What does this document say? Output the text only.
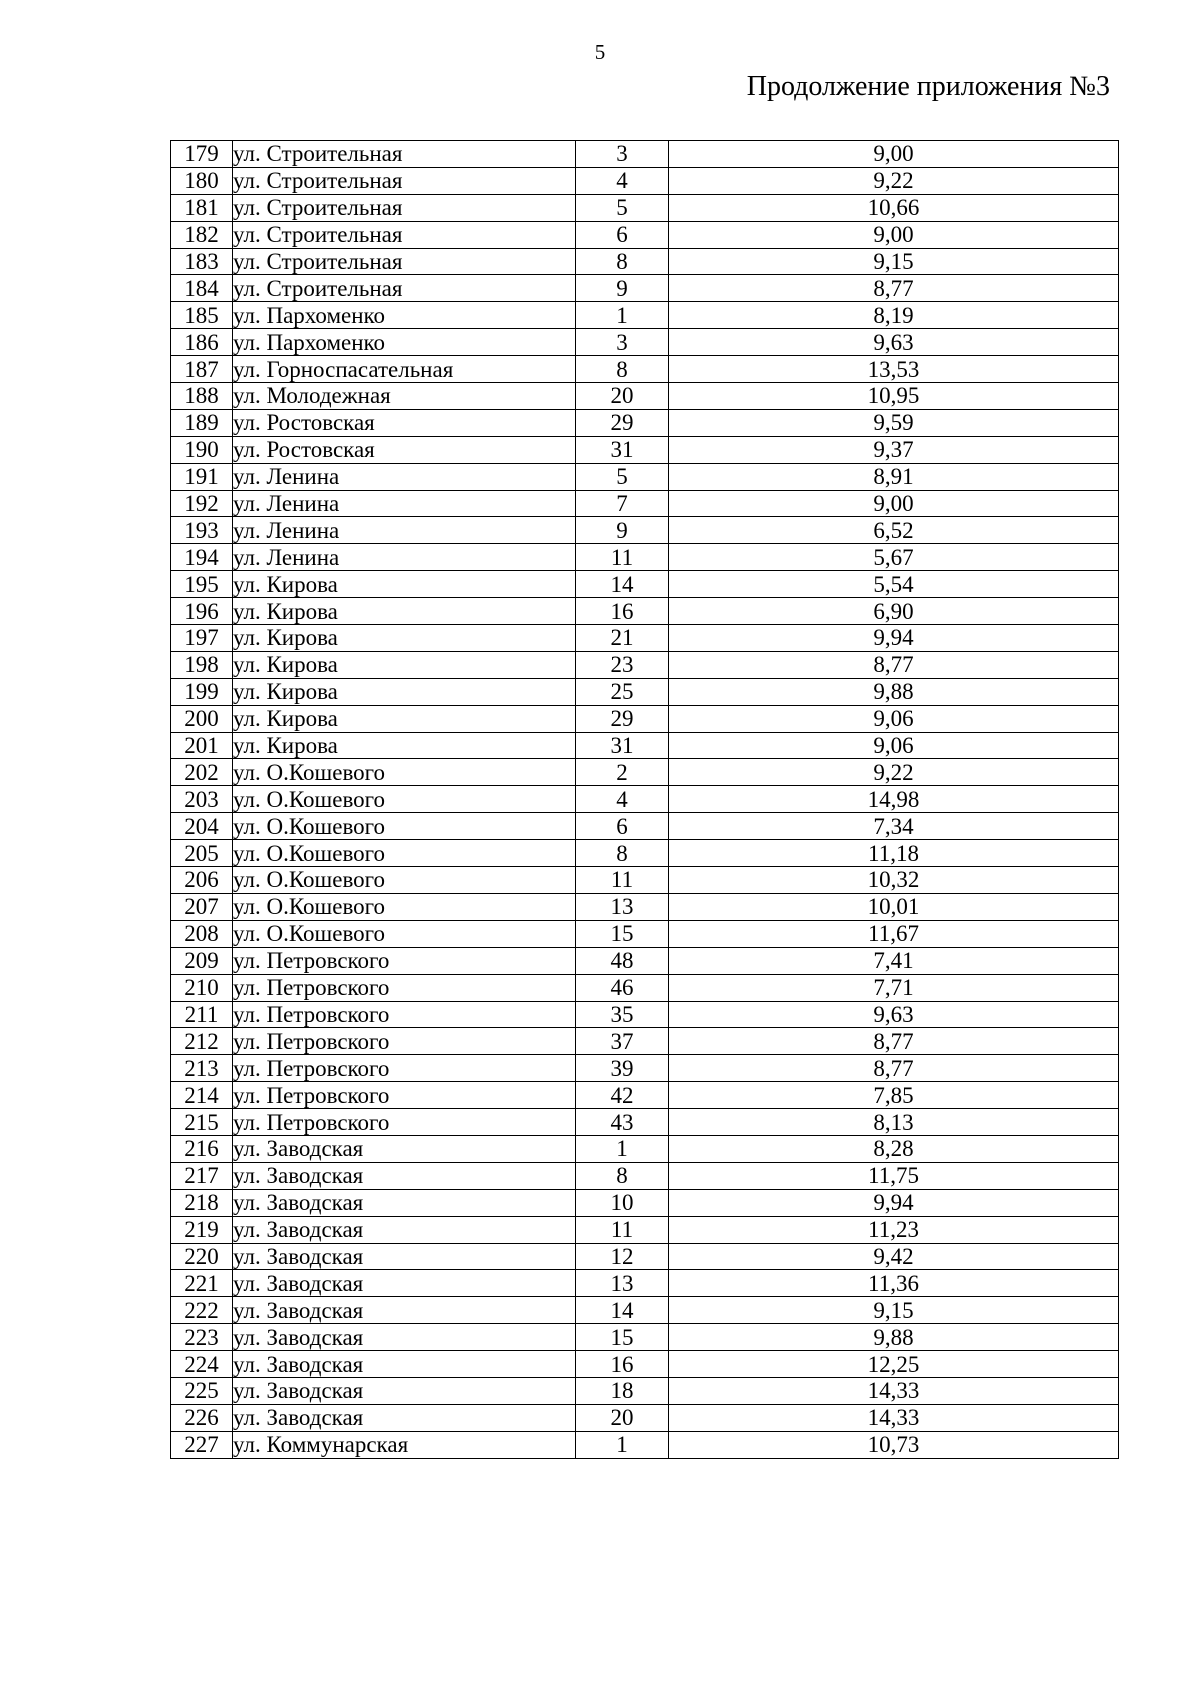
5
Продолжение приложения №3
179	ул. Строительная	3	9,00
180	ул. Строительная	4	9,22
181	ул. Строительная	5	10,66
182	ул. Строительная	6	9,00
183	ул. Строительная	8	9,15
184	ул. Строительная	9	8,77
185	ул. Пархоменко	1	8,19
186	ул. Пархоменко	3	9,63
187	ул. Горноспасательная	8	13,53
188	ул. Молодежная	20	10,95
189	ул. Ростовская	29	9,59
190	ул. Ростовская	31	9,37
191	ул. Ленина	5	8,91
192	ул. Ленина	7	9,00
193	ул. Ленина	9	6,52
194	ул. Ленина	11	5,67
195	ул. Кирова	14	5,54
196	ул. Кирова	16	6,90
197	ул. Кирова	21	9,94
198	ул. Кирова	23	8,77
199	ул. Кирова	25	9,88
200	ул. Кирова	29	9,06
201	ул. Кирова	31	9,06
202	ул. О.Кошевого	2	9,22
203	ул. О.Кошевого	4	14,98
204	ул. О.Кошевого	6	7,34
205	ул. О.Кошевого	8	11,18
206	ул. О.Кошевого	11	10,32
207	ул. О.Кошевого	13	10,01
208	ул. О.Кошевого	15	11,67
209	ул. Петровского	48	7,41
210	ул. Петровского	46	7,71
211	ул. Петровского	35	9,63
212	ул. Петровского	37	8,77
213	ул. Петровского	39	8,77
214	ул. Петровского	42	7,85
215	ул. Петровского	43	8,13
216	ул. Заводская	1	8,28
217	ул. Заводская	8	11,75
218	ул. Заводская	10	9,94
219	ул. Заводская	11	11,23
220	ул. Заводская	12	9,42
221	ул. Заводская	13	11,36
222	ул. Заводская	14	9,15
223	ул. Заводская	15	9,88
224	ул. Заводская	16	12,25
225	ул. Заводская	18	14,33
226	ул. Заводская	20	14,33
227	ул. Коммунарская	1	10,73
